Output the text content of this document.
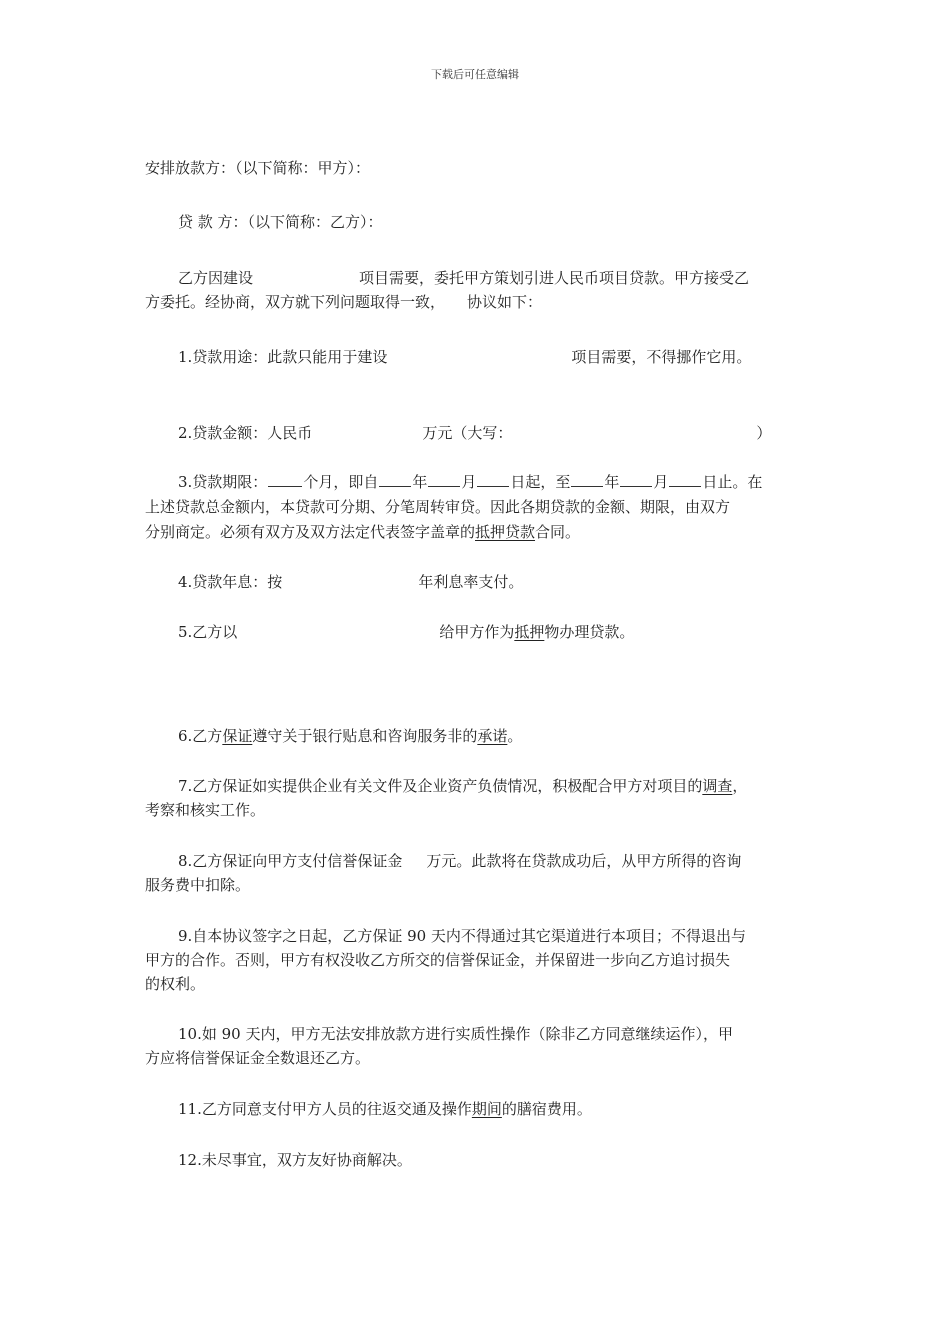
下载后可任意编辑
安排放款方：（以下简称：甲方）：
贷 款 方：（以下简称：乙方）：
乙方因建设	项目需要，委托甲方策划引进人民币项目贷款。甲方接受乙
方委托。经协商，双方就下列问题取得一致， 协议如下：
1.贷款用途：此款只能用于建设	项目需要，不得挪作它用。
2.贷款金额：人民币	万元（大写：	）
3.贷款期限： 个月，即自 年 月 日起，至 年 月 日止。在
上述贷款总金额内，本贷款可分期、分笔周转审贷。因此各期贷款的金额、期限，由双方
分别商定。必须有双方及双方法定代表签字盖章的抵押贷款合同。
4.贷款年息：按	年利息率支付。
5.乙方以	给甲方作为抵押物办理贷款。
6.乙方保证遵守关于银行贴息和咨询服务非的承诺。
7.乙方保证如实提供企业有关文件及企业资产负债情况，积极配合甲方对项目的调查，
考察和核实工作。
8.乙方保证向甲方支付信誉保证金 万元。此款将在贷款成功后，从甲方所得的咨询
服务费中扣除。
9.自本协议签字之日起，乙方保证 90 天内不得通过其它渠道进行本项目；不得退出与
甲方的合作。否则，甲方有权没收乙方所交的信誉保证金，并保留进一步向乙方追讨损失
的权利。
10.如 90 天内，甲方无法安排放款方进行实质性操作（除非乙方同意继续运作），甲
方应将信誉保证金全数退还乙方。
11.乙方同意支付甲方人员的往返交通及操作期间的膳宿费用。
12.未尽事宜，双方友好协商解决。
